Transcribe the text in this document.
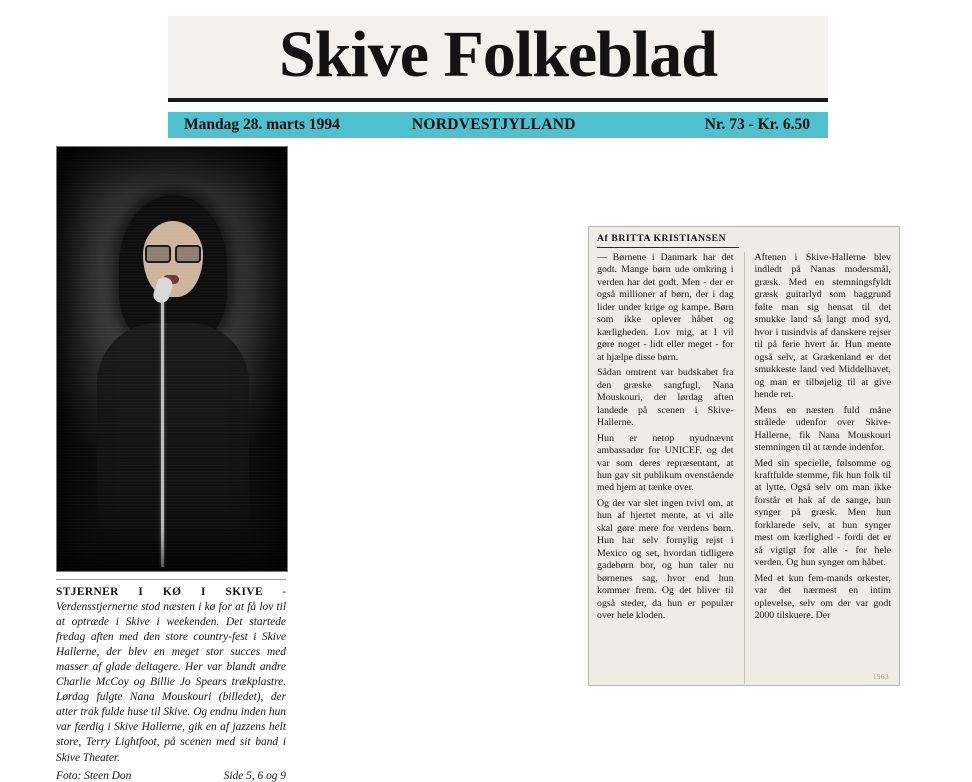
Skive Folkeblad
Mandag 28. marts 1994	NORDVESTJYLLAND	Nr. 73 - Kr. 6.50
STJERNER I KØ I SKIVE - Verdensstjernerne stod næsten i kø for at få lov til at optræde i Skive i weekenden. Det startede fredag aften med den store country-fest i Skive Hallerne, der blev en meget stor succes med masser af glade deltagere. Her var blandt andre Charlie McCoy og Billie Jo Spears trækplastre. Lørdag fulgte Nana Mouskouri (billedet), der atter trak fulde huse til Skive. Og endnu inden hun var færdig i Skive Hallerne, gik en af jazzens helt store, Terry Lightfoot, på scenen med sit band i Skive Theater.
Foto: Steen Don	Side 5, 6 og 9
Af BRITTA KRISTIANSEN

— Børnene i Danmark har det godt. Mange børn ude omkring i verden har det godt. Men - der er også millioner af børn, der i dag lider under krige og kampe. Børn som ikke oplever håbet og kærligheden. Lov mig, at I vil gøre noget - lidt eller meget - for at hjælpe disse børn.

Sådan omtrent var budskabet fra den græske sangfugl, Nana Mouskouri, der lørdag aften landede på scenen i Skive-Hallerne.

Hun er netop nyudnævnt ambassadør for UNICEF, og det var som deres repræsentant, at hun gav sit publikum ovenstående med hjem at tænke over.

Og der var slet ingen tvivl om, at hun af hjertet mente, at vi alle skal gøre mere for verdens børn. Hun har selv fornylig rejst i Mexico og set, hvordan tidligere gadebørn bor, og hun taler nu børnenes sag, hvor end hun kommer frem. Og det bliver til også steder, da hun er populær over hele kloden.

Aftenen i Skive-Hallerne blev indledt på Nanas modersmål, græsk. Med en stemningsfyldt græsk guitarlyd som baggrund følte man sig hensat til det smukke land så langt mod syd, hvor i tusindvis af danskere rejser til på ferie hvert år. Hun mente også selv, at Grækenland er det smukkeste land ved Middelhavet, og man er tilbøjelig til at give hende ret.

Mens en næsten fuld måne strålede udenfor over Skive-Hallerne, fik Nana Mouskouri stemningen til at tænde indenfor.

Med sin specielle, følsomme og kraftfulde stemme, fik hun folk til at lytte. Også selv om man ikke forstår et hak af de sange, hun synger på græsk. Men hun forklarede selv, at hun synger mest om kærlighed - fordi det er så vigtigt for alle - for hele verden. Og hun synger om håbet.

Med et kun fem-mands orkester, var det nærmest en intim oplevelse, selv om der var godt 2000 tilskuere. Der

1963
